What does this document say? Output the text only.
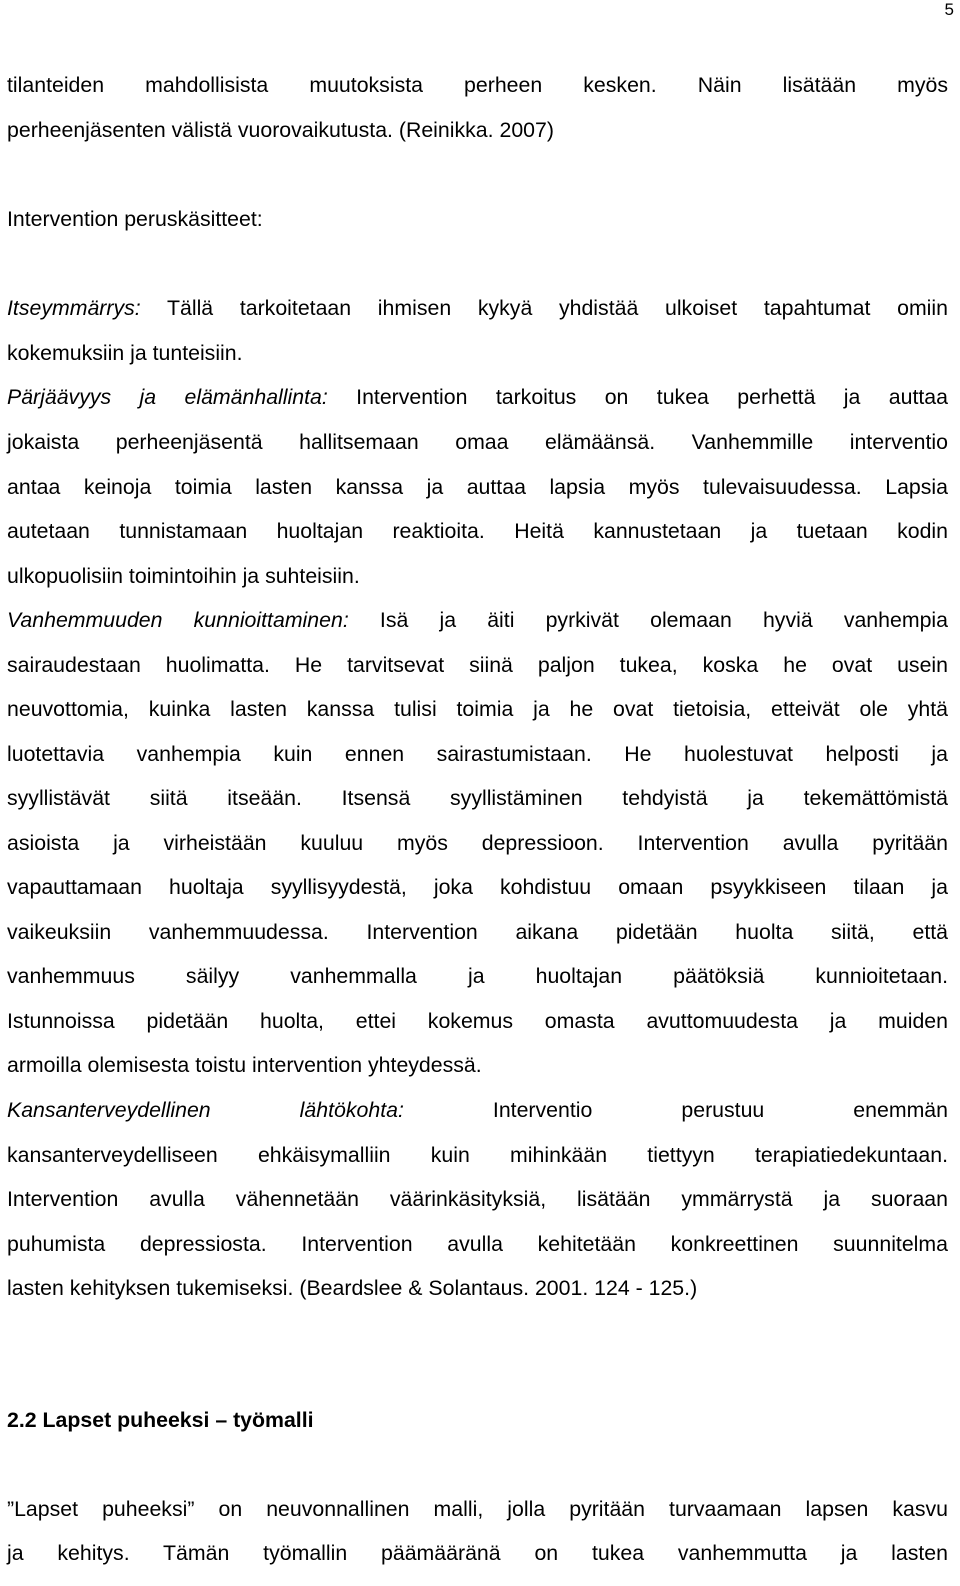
5
tilanteiden mahdollisista muutoksista perheen kesken. Näin lisätään myös
perheenjäsenten välistä vuorovaikutusta. (Reinikka. 2007)
Intervention peruskäsitteet:
Itseymmärrys: Tällä tarkoitetaan ihmisen kykyä yhdistää ulkoiset tapahtumat omiin
kokemuksiin ja tunteisiin.
Pärjäävyys ja elämänhallinta: Intervention tarkoitus on tukea perhettä ja auttaa
jokaista perheenjäsentä hallitsemaan omaa elämäänsä. Vanhemmille interventio
antaa keinoja toimia lasten kanssa ja auttaa lapsia myös tulevaisuudessa. Lapsia
autetaan tunnistamaan huoltajan reaktioita. Heitä kannustetaan ja tuetaan kodin
ulkopuolisiin toimintoihin ja suhteisiin.
Vanhemmuuden kunnioittaminen: Isä ja äiti pyrkivät olemaan hyviä vanhempia
sairaudestaan huolimatta. He tarvitsevat siinä paljon tukea, koska he ovat usein
neuvottomia, kuinka lasten kanssa tulisi toimia ja he ovat tietoisia, etteivät ole yhtä
luotettavia vanhempia kuin ennen sairastumistaan. He huolestuvat helposti ja
syyllistävät siitä itseään. Itsensä syyllistäminen tehdyistä ja tekemättömistä
asioista ja virheistään kuuluu myös depressioon. Intervention avulla pyritään
vapauttamaan huoltaja syyllisyydestä, joka kohdistuu omaan psyykkiseen tilaan ja
vaikeuksiin vanhemmuudessa. Intervention aikana pidetään huolta siitä, että
vanhemmuus säilyy vanhemmalla ja huoltajan päätöksiä kunnioitetaan.
Istunnoissa pidetään huolta, ettei kokemus omasta avuttomuudesta ja muiden
armoilla olemisesta toistu intervention yhteydessä.
Kansanterveydellinen lähtökohta: Interventio perustuu enemmän
kansanterveydelliseen ehkäisymalliin kuin mihinkään tiettyyn terapiatiedekuntaan.
Intervention avulla vähennetään väärinkäsityksiä, lisätään ymmärrystä ja suoraan
puhumista depressiosta. Intervention avulla kehitetään konkreettinen suunnitelma
lasten kehityksen tukemiseksi. (Beardslee & Solantaus. 2001. 124 - 125.)
2.2 Lapset puheeksi – työmalli
”Lapset puheeksi” on neuvonnallinen malli, jolla pyritään turvaamaan lapsen kasvu
ja kehitys. Tämän työmallin päämääränä on tukea vanhemmutta ja lasten
